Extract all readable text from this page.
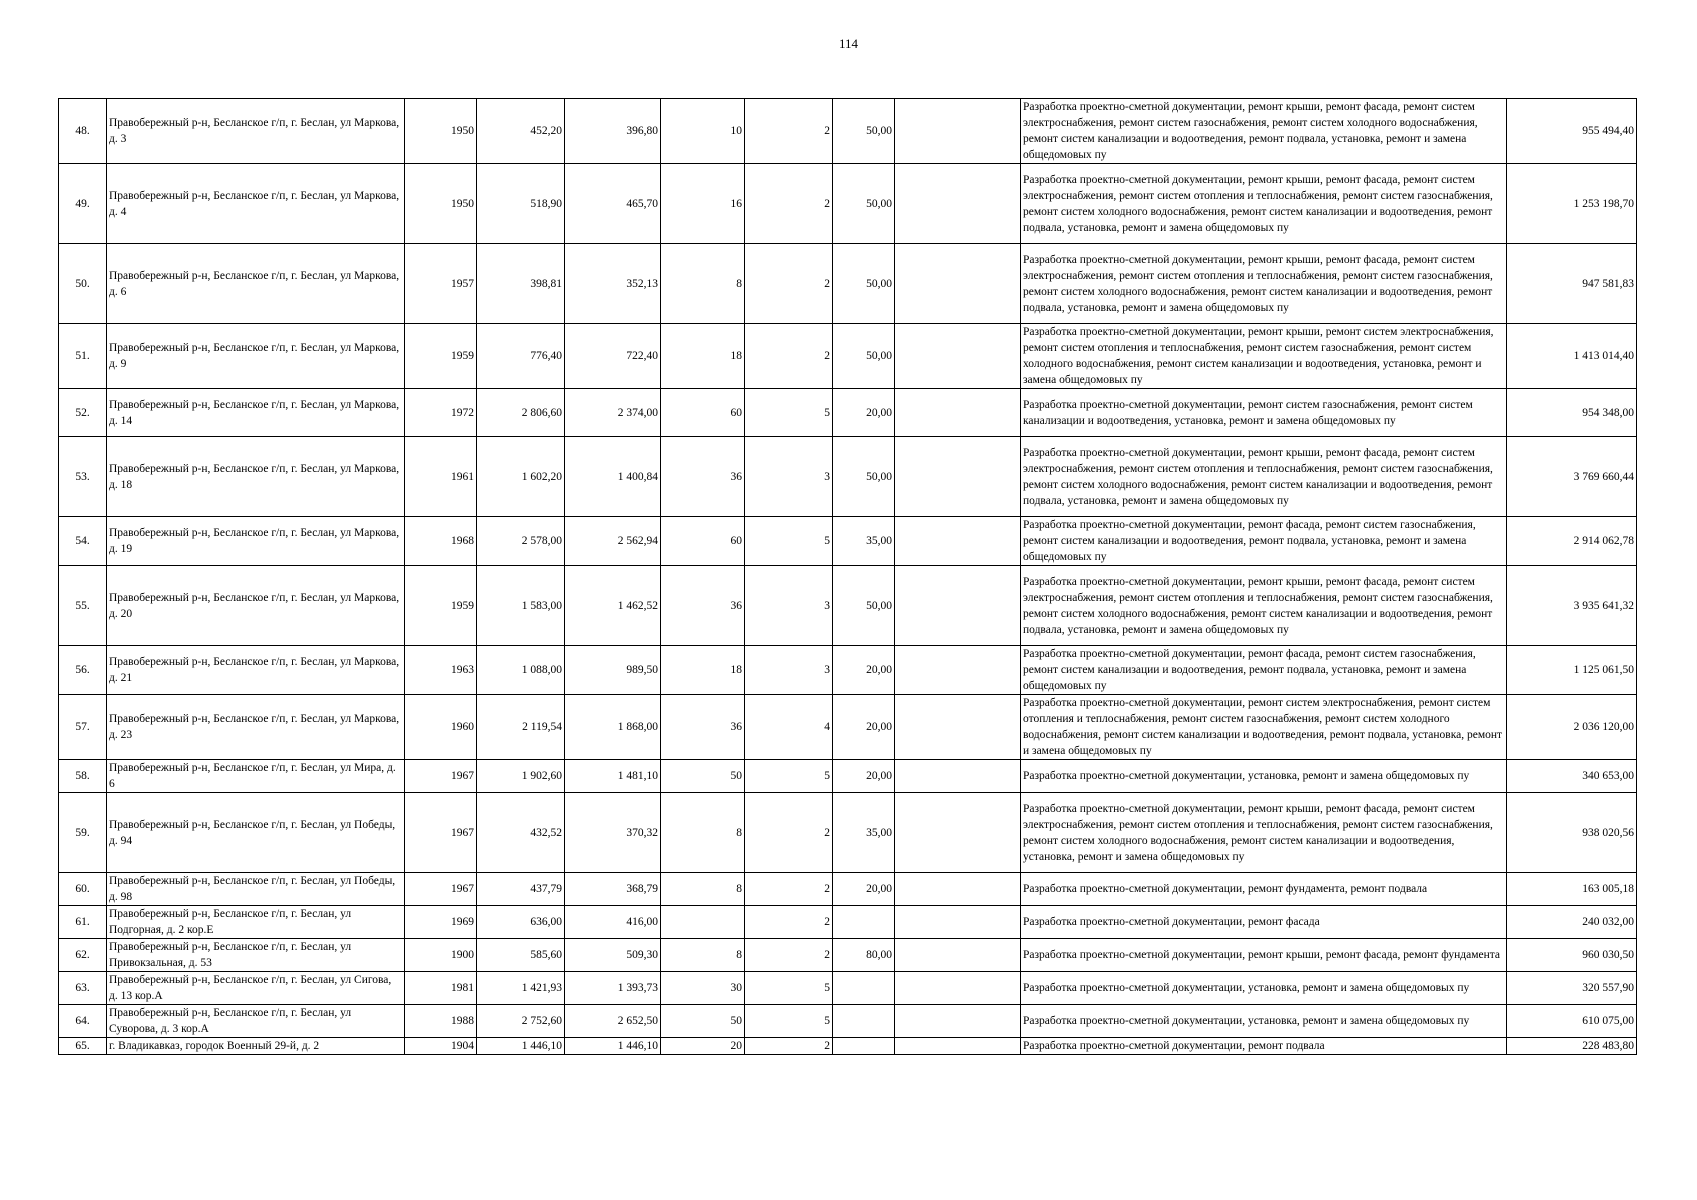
114
48.	Правобережный р-н, Бесланское г/п, г. Беслан, ул Маркова, д. 3	1950	452,20	396,80	10	2	50,00		Разработка проектно-сметной документации, ремонт крыши, ремонт фасада, ремонт систем электроснабжения, ремонт систем газоснабжения, ремонт систем холодного водоснабжения, ремонт систем канализации и водоотведения, ремонт подвала, установка, ремонт и замена общедомовых пу	955 494,40
49.	Правобережный р-н, Бесланское г/п, г. Беслан, ул Маркова, д. 4	1950	518,90	465,70	16	2	50,00		Разработка проектно-сметной документации, ремонт крыши, ремонт фасада, ремонт систем электроснабжения, ремонт систем отопления и теплоснабжения, ремонт систем газоснабжения, ремонт систем холодного водоснабжения, ремонт систем канализации и водоотведения, ремонт подвала, установка, ремонт и замена общедомовых пу	1 253 198,70
50.	Правобережный р-н, Бесланское г/п, г. Беслан, ул Маркова, д. 6	1957	398,81	352,13	8	2	50,00		Разработка проектно-сметной документации, ремонт крыши, ремонт фасада, ремонт систем электроснабжения, ремонт систем отопления и теплоснабжения, ремонт систем газоснабжения, ремонт систем холодного водоснабжения, ремонт систем канализации и водоотведения, ремонт подвала, установка, ремонт и замена общедомовых пу	947 581,83
51.	Правобережный р-н, Бесланское г/п, г. Беслан, ул Маркова, д. 9	1959	776,40	722,40	18	2	50,00		Разработка проектно-сметной документации, ремонт крыши, ремонт систем электроснабжения, ремонт систем отопления и теплоснабжения, ремонт систем газоснабжения, ремонт систем холодного водоснабжения, ремонт систем канализации и водоотведения, установка, ремонт и замена общедомовых пу	1 413 014,40
52.	Правобережный р-н, Бесланское г/п, г. Беслан, ул Маркова, д. 14	1972	2 806,60	2 374,00	60	5	20,00		Разработка проектно-сметной документации, ремонт систем газоснабжения, ремонт систем канализации и водоотведения, установка, ремонт и замена общедомовых пу	954 348,00
53.	Правобережный р-н, Бесланское г/п, г. Беслан, ул Маркова, д. 18	1961	1 602,20	1 400,84	36	3	50,00		Разработка проектно-сметной документации, ремонт крыши, ремонт фасада, ремонт систем электроснабжения, ремонт систем отопления и теплоснабжения, ремонт систем газоснабжения, ремонт систем холодного водоснабжения, ремонт систем канализации и водоотведения, ремонт подвала, установка, ремонт и замена общедомовых пу	3 769 660,44
54.	Правобережный р-н, Бесланское г/п, г. Беслан, ул Маркова, д. 19	1968	2 578,00	2 562,94	60	5	35,00		Разработка проектно-сметной документации, ремонт фасада, ремонт систем газоснабжения, ремонт систем канализации и водоотведения, ремонт подвала, установка, ремонт и замена общедомовых пу	2 914 062,78
55.	Правобережный р-н, Бесланское г/п, г. Беслан, ул Маркова, д. 20	1959	1 583,00	1 462,52	36	3	50,00		Разработка проектно-сметной документации, ремонт крыши, ремонт фасада, ремонт систем электроснабжения, ремонт систем отопления и теплоснабжения, ремонт систем газоснабжения, ремонт систем холодного водоснабжения, ремонт систем канализации и водоотведения, ремонт подвала, установка, ремонт и замена общедомовых пу	3 935 641,32
56.	Правобережный р-н, Бесланское г/п, г. Беслан, ул Маркова, д. 21	1963	1 088,00	989,50	18	3	20,00		Разработка проектно-сметной документации, ремонт фасада, ремонт систем газоснабжения, ремонт систем канализации и водоотведения, ремонт подвала, установка, ремонт и замена общедомовых пу	1 125 061,50
57.	Правобережный р-н, Бесланское г/п, г. Беслан, ул Маркова, д. 23	1960	2 119,54	1 868,00	36	4	20,00		Разработка проектно-сметной документации, ремонт систем электроснабжения, ремонт систем отопления и теплоснабжения, ремонт систем газоснабжения, ремонт систем холодного водоснабжения, ремонт систем канализации и водоотведения, ремонт подвала, установка, ремонт и замена общедомовых пу	2 036 120,00
58.	Правобережный р-н, Бесланское г/п, г. Беслан, ул Мира, д. 6	1967	1 902,60	1 481,10	50	5	20,00		Разработка проектно-сметной документации, установка, ремонт и замена общедомовых пу	340 653,00
59.	Правобережный р-н, Бесланское г/п, г. Беслан, ул Победы, д. 94	1967	432,52	370,32	8	2	35,00		Разработка проектно-сметной документации, ремонт крыши, ремонт фасада, ремонт систем электроснабжения, ремонт систем отопления и теплоснабжения, ремонт систем газоснабжения, ремонт систем холодного водоснабжения, ремонт систем канализации и водоотведения, установка, ремонт и замена общедомовых пу	938 020,56
60.	Правобережный р-н, Бесланское г/п, г. Беслан, ул Победы, д. 98	1967	437,79	368,79	8	2	20,00		Разработка проектно-сметной документации, ремонт фундамента, ремонт подвала	163 005,18
61.	Правобережный р-н, Бесланское г/п, г. Беслан, ул Подгорная, д. 2 кор.Е	1969	636,00	416,00		2			Разработка проектно-сметной документации, ремонт фасада	240 032,00
62.	Правобережный р-н, Бесланское г/п, г. Беслан, ул Привокзальная, д. 53	1900	585,60	509,30	8	2	80,00		Разработка проектно-сметной документации, ремонт крыши, ремонт фасада, ремонт фундамента	960 030,50
63.	Правобережный р-н, Бесланское г/п, г. Беслан, ул Сигова, д. 13 кор.А	1981	1 421,93	1 393,73	30	5			Разработка проектно-сметной документации, установка, ремонт и замена общедомовых пу	320 557,90
64.	Правобережный р-н, Бесланское г/п, г. Беслан, ул Суворова, д. 3 кор.А	1988	2 752,60	2 652,50	50	5			Разработка проектно-сметной документации, установка, ремонт и замена общедомовых пу	610 075,00
65.	г. Владикавказ, городок Военный 29-й, д. 2	1904	1 446,10	1 446,10	20	2			Разработка проектно-сметной документации, ремонт подвала	228 483,80
